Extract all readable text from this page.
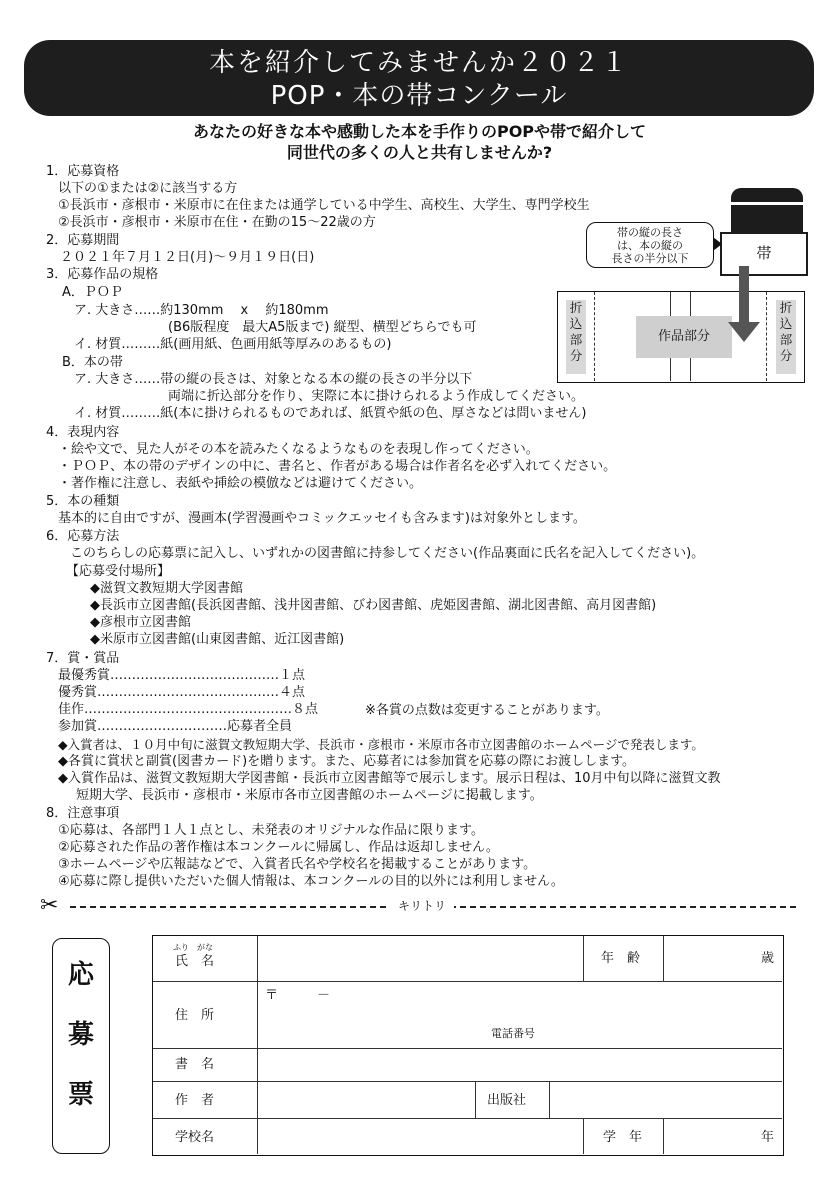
本を紹介してみませんか２０２１
POP・本の帯コンクール
あなたの好きな本や感動した本を手作りのPOPや帯で紹介して
同世代の多くの人と共有しませんか?
1．応募資格
以下の①または②に該当する方
①長浜市・彦根市・米原市に在住または通学している中学生、高校生、大学生、専門学校生
②長浜市・彦根市・米原市在住・在勤の15～22歳の方
2．応募期間
２０２１年７月１２日(月)～９月１９日(日)
3．応募作品の規格
A．ＰＯＰ
ア. 大きさ……約130mm　 x 　約180mm
(B6版程度　最大A5版まで) 縦型、横型どちらでも可
イ. 材質………紙(画用紙、色画用紙等厚みのあるもの)
B．本の帯
ア. 大きさ……帯の縦の長さは、対象となる本の縦の長さの半分以下
両端に折込部分を作り、実際に本に掛けられるよう作成してください。
イ. 材質………紙(本に掛けられるものであれば、紙質や紙の色、厚さなどは問いません)
4．表現内容
・絵や文で、見た人がその本を読みたくなるようなものを表現し作ってください。
・ＰＯＰ、本の帯のデザインの中に、書名と、作者がある場合は作者名を必ず入れてください。
・著作権に注意し、表紙や挿絵の模倣などは避けてください。
5．本の種類
基本的に自由ですが、漫画本(学習漫画やコミックエッセイも含みます)は対象外とします。
6．応募方法
このちらしの応募票に記入し、いずれかの図書館に持参してください(作品裏面に氏名を記入してください)。
【応募受付場所】
◆滋賀文教短期大学図書館
◆長浜市立図書館(長浜図書館、浅井図書館、びわ図書館、虎姫図書館、湖北図書館、高月図書館)
◆彦根市立図書館
◆米原市立図書館(山東図書館、近江図書館)
7．賞・賞品
最優秀賞…………………………………１点
優秀賞……………………………………４点
佳作…………………………………………８点
参加賞…………………………応募者全員
※各賞の点数は変更することがあります。
◆入賞者は、１０月中旬に滋賀文教短期大学、長浜市・彦根市・米原市各市立図書館のホームページで発表します。
◆各賞に賞状と副賞(図書カード)を贈ります。また、応募者には参加賞を応募の際にお渡しします。
◆入賞作品は、滋賀文教短期大学図書館・長浜市立図書館等で展示します。展示日程は、10月中旬以降に滋賀文教
短期大学、長浜市・彦根市・米原市各市立図書館のホームページに掲載します。
8．注意事項
①応募は、各部門１人１点とし、未発表のオリジナルな作品に限ります。
②応募された作品の著作権は本コンクールに帰属し、作品は返却しません。
③ホームページや広報誌などで、入賞者氏名や学校名を掲載することがあります。
④応募に際し提供いただいた個人情報は、本コンクールの目的以外には利用しません。
帯
帯の縦の長さ
は、本の縦の
長さの半分以下
折込部分
折込部分
作品部分
✂	キリトリ
応
募
票
ふり　がな
氏　名	年　齢	歳
住　所
〒　　　－
電話番号
書　名
作　者	出版社
学校名	学　年	年
